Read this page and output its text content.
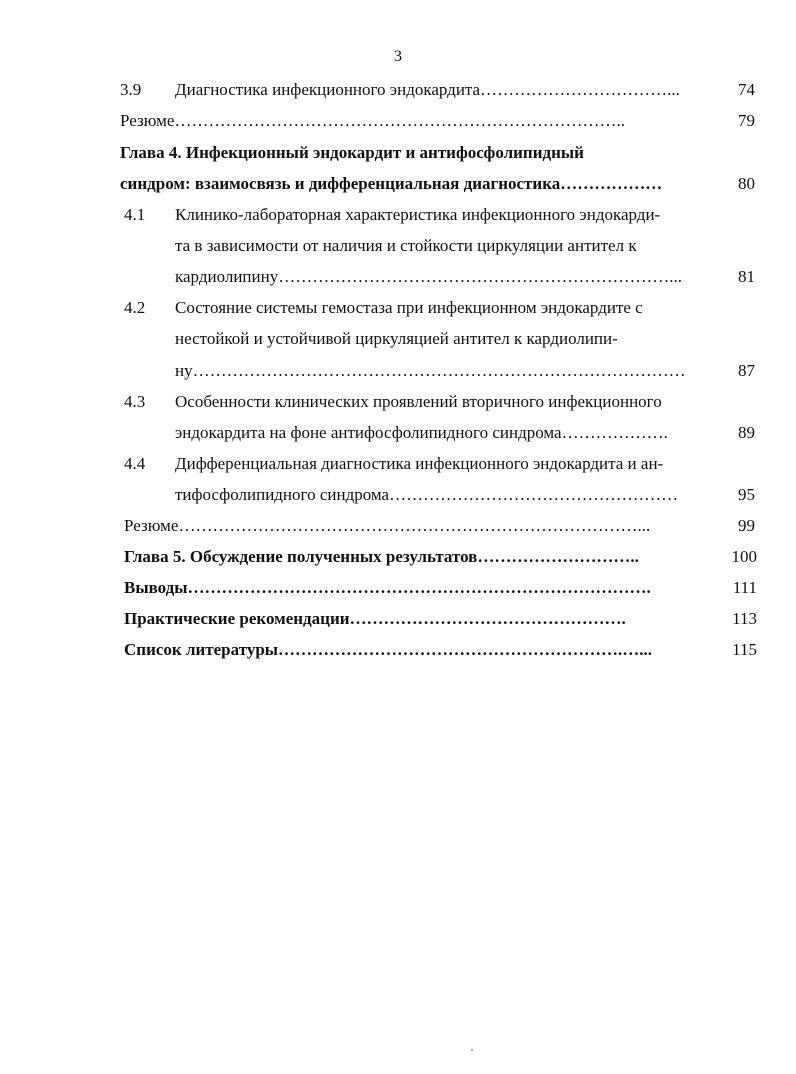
3
3.9 Диагностика инфекционного эндокардита……………………………...	74
Резюме……………………………………………………………………..	79
Глава 4. Инфекционный эндокардит и антифосфолипидный
синдром: взаимосвязь и дифференциальная диагностика………………	80
4.1 Клинико-лабораторная характеристика инфекционного эндокарди-
та в зависимости от наличия и стойкости циркуляции антител к
кардиолипину……………………………………………………………...	81
4.2 Состояние системы гемостаза при инфекционном эндокардите с
нестойкой и устойчивой циркуляцией антител к кардиолипи-
ну……………………………………………………………………………	87
4.3 Особенности клинических проявлений вторичного инфекционного
эндокардита на фоне антифосфолипидного синдрома……………….	89
4.4 Дифференциальная диагностика инфекционного эндокардита и ан-
тифосфолипидного синдрома……………………………………………	95
Резюме………………………………………………………………………...	99
Глава 5. Обсуждение полученных результатов………………………..	100
Выводы……………………………………………………………………….	111
Практические рекомендации………………………………………….	113
Список литературы…………………………………………………….…...	115
